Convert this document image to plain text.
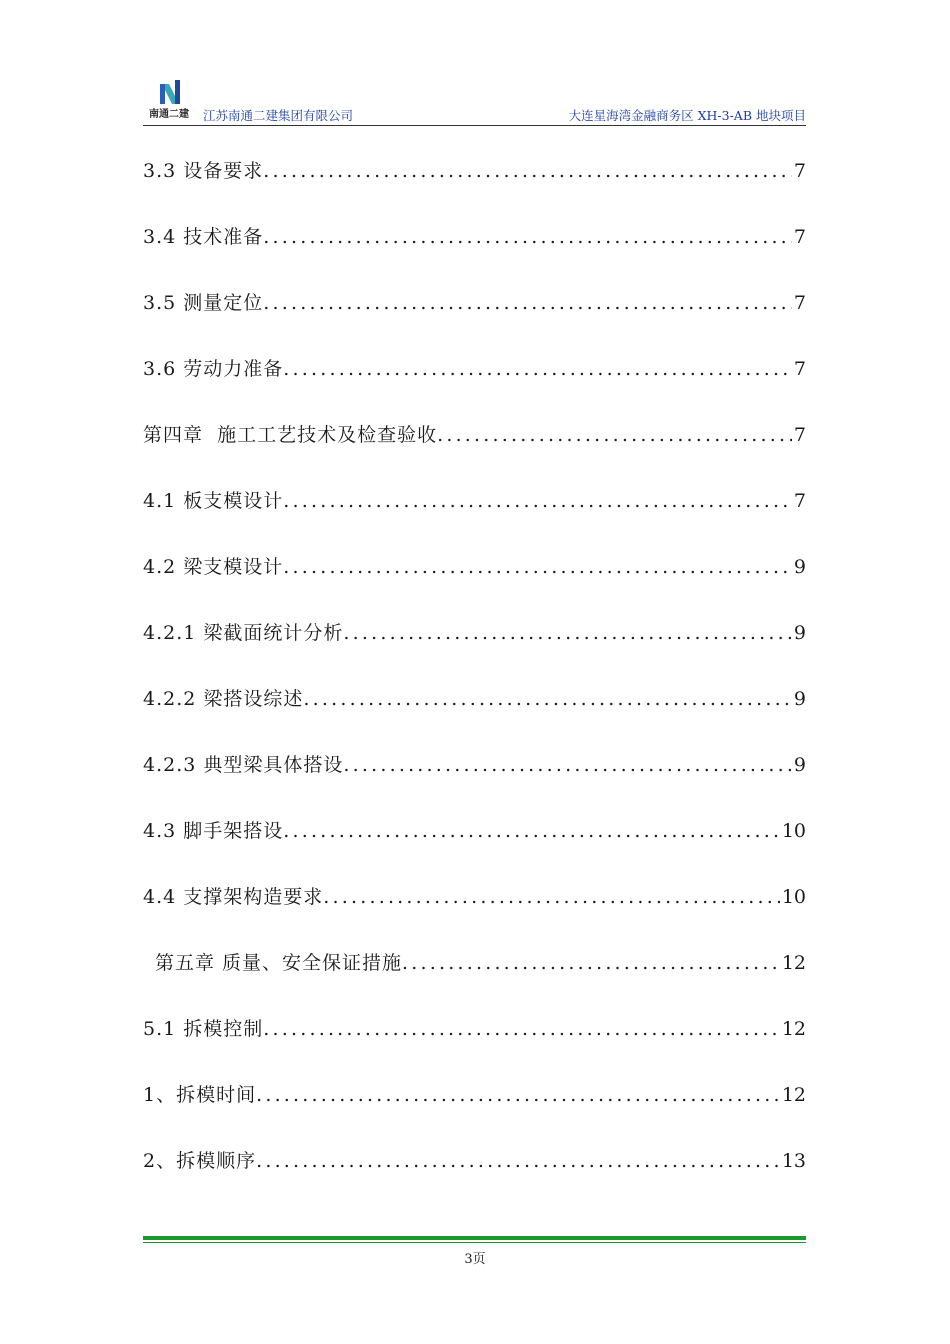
南通二建	江苏南通二建集团有限公司	大连星海湾金融商务区 XH-3-AB 地块项目
3.3 设备要求 .....	7
3.4 技术准备 .....	7
3.5 测量定位 .....	7
3.6 劳动力准备 .....	7
第四章  施工工艺技术及检查验收 .....	7
4.1 板支模设计 .....	7
4.2 梁支模设计 .....	9
4.2.1 梁截面统计分析 .....	9
4.2.2 梁搭设综述 .....	9
4.2.3 典型梁具体搭设 .....	9
4.3 脚手架搭设 .....	10
4.4 支撑架构造要求 .....	10
第五章 质量、安全保证措施 .....	12
5.1 拆模控制 .....	12
1、拆模时间 .....	12
2、拆模顺序 .....	13
3页
